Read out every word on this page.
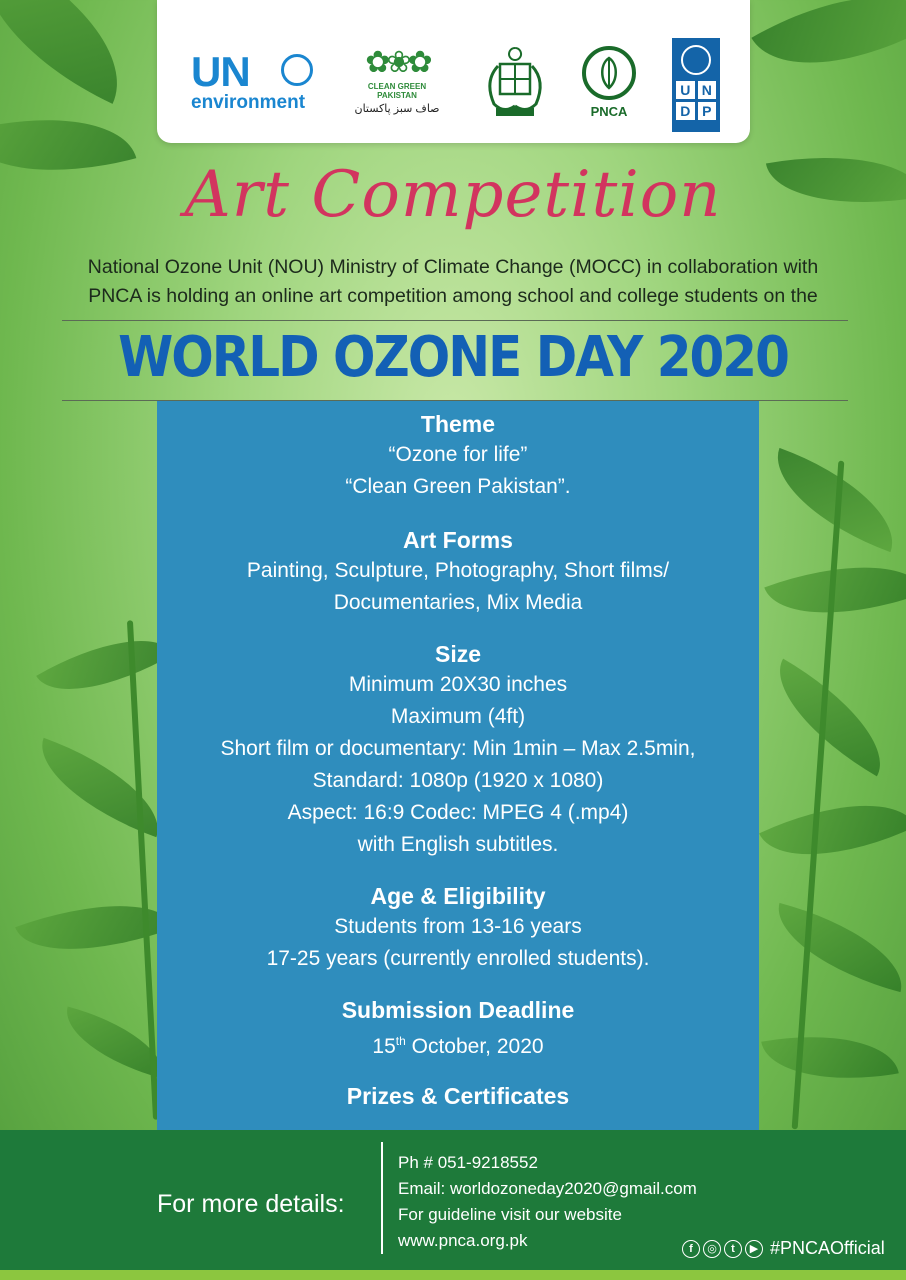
UN
environment
✿❀✿
CLEAN GREEN PAKISTAN
صاف سبز پاکستان	PNCA
U N
D P
Art Competition
National Ozone Unit (NOU) Ministry of Climate Change (MOCC) in collaboration with
PNCA is holding an online art competition among school and college students on the
WORLD OZONE DAY 2020
Theme
“Ozone for life”
“Clean Green Pakistan”.
Art Forms
Painting, Sculpture, Photography, Short films/
Documentaries, Mix Media
Size
Minimum 20X30 inches
Maximum (4ft)
Short film or documentary: Min 1min – Max 2.5min,
Standard: 1080p (1920 x 1080)
Aspect: 16:9 Codec: MPEG 4 (.mp4)
with English subtitles.
Age & Eligibility
Students from 13-16 years
17-25 years (currently enrolled students).
Submission Deadline
15th October, 2020
Prizes & Certificates
For more details:
Ph # 051-9218552
Email: worldozoneday2020@gmail.com
For guideline visit our website
www.pnca.org.pk	f	◎	t	▶ #PNCAOfficial
